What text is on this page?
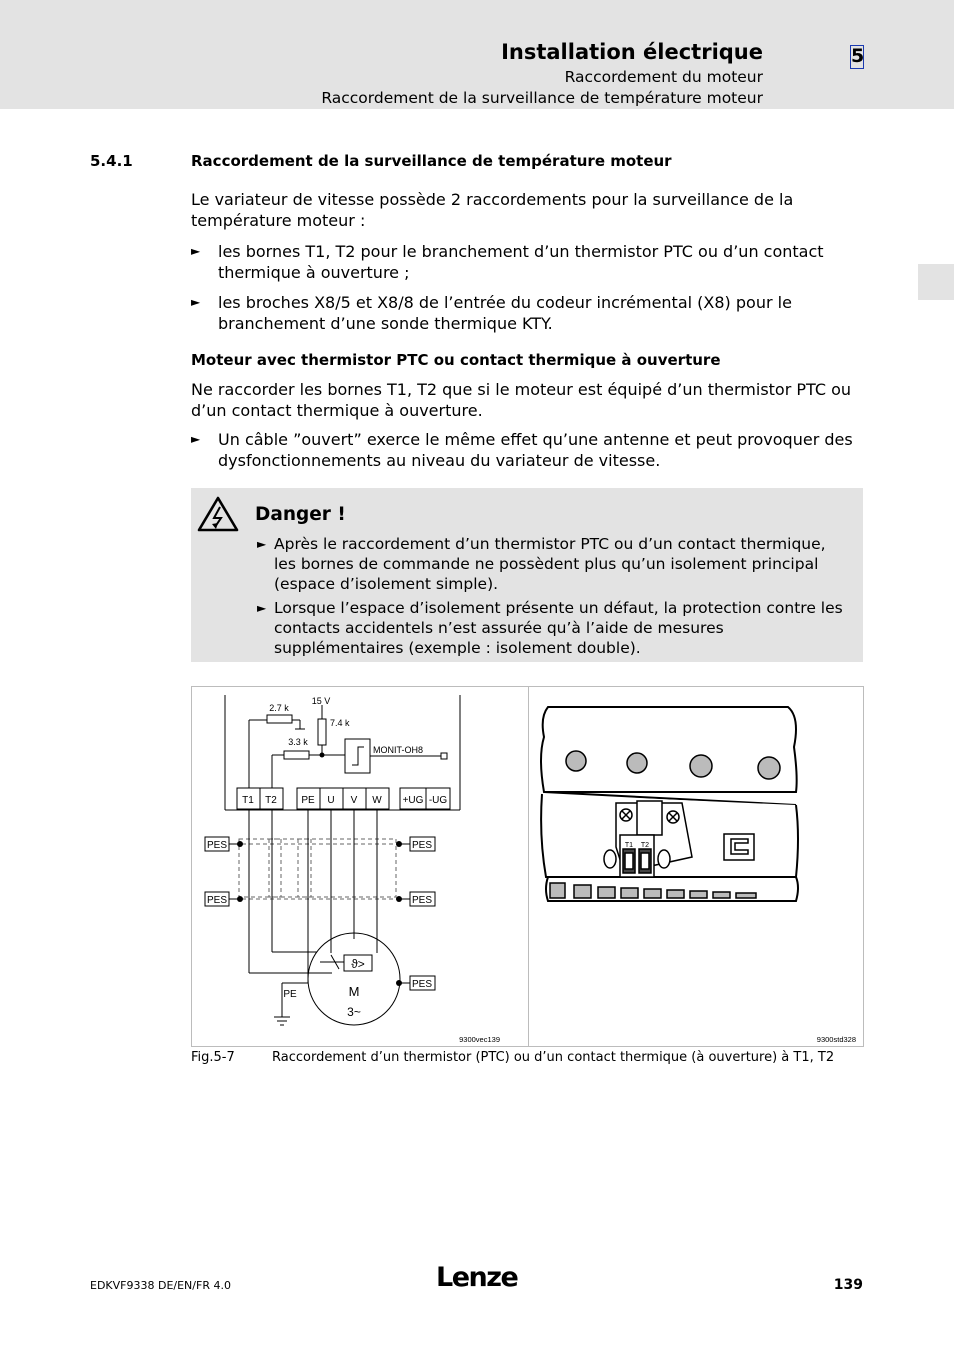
Installation électrique
Raccordement du moteur
Raccordement de la surveillance de température moteur
5
5.4.1	Raccordement de la surveillance de température moteur
Le variateur de vitesse possède 2 raccordements pour la surveillance de la température moteur :
► les bornes T1, T2 pour le branchement d’un thermistor PTC ou d’un contact thermique à ouverture ;
► les broches X8/5 et X8/8 de l’entrée du codeur incrémental (X8) pour le branchement d’une sonde thermique KTY.
Moteur avec thermistor PTC ou contact thermique à ouverture
Ne raccorder les bornes T1, T2 que si le moteur est équipé d’un thermistor PTC ou d’un contact thermique à ouverture.
► Un câble ”ouvert” exerce le même effet qu’une antenne et peut provoquer des dysfonctionnements au niveau du variateur de vitesse.
Danger !
► Après le raccordement d’un thermistor PTC ou d’un contact thermique, les bornes de commande ne possèdent plus qu’un isolement principal (espace d’isolement simple).
► Lorsque l’espace d’isolement présente un défaut, la protection contre les contacts accidentels n’est assurée qu’à l’aide de mesures supplémentaires (exemple : isolement double).
T1 T2 PE U V W +UG -UG
15 V
2.7 k
7.4 k
3.3 k
MONIT-OH8
PES
PES
PES
PES
PES
PE	M
3~
ϑ>
9300vec139	9300std328
T1 T2
Fig.5-7	Raccordement d’un thermistor (PTC) ou d’un contact thermique (à ouverture) à T1, T2
EDKVF9338 DE/EN/FR 4.0	Lenze	139
